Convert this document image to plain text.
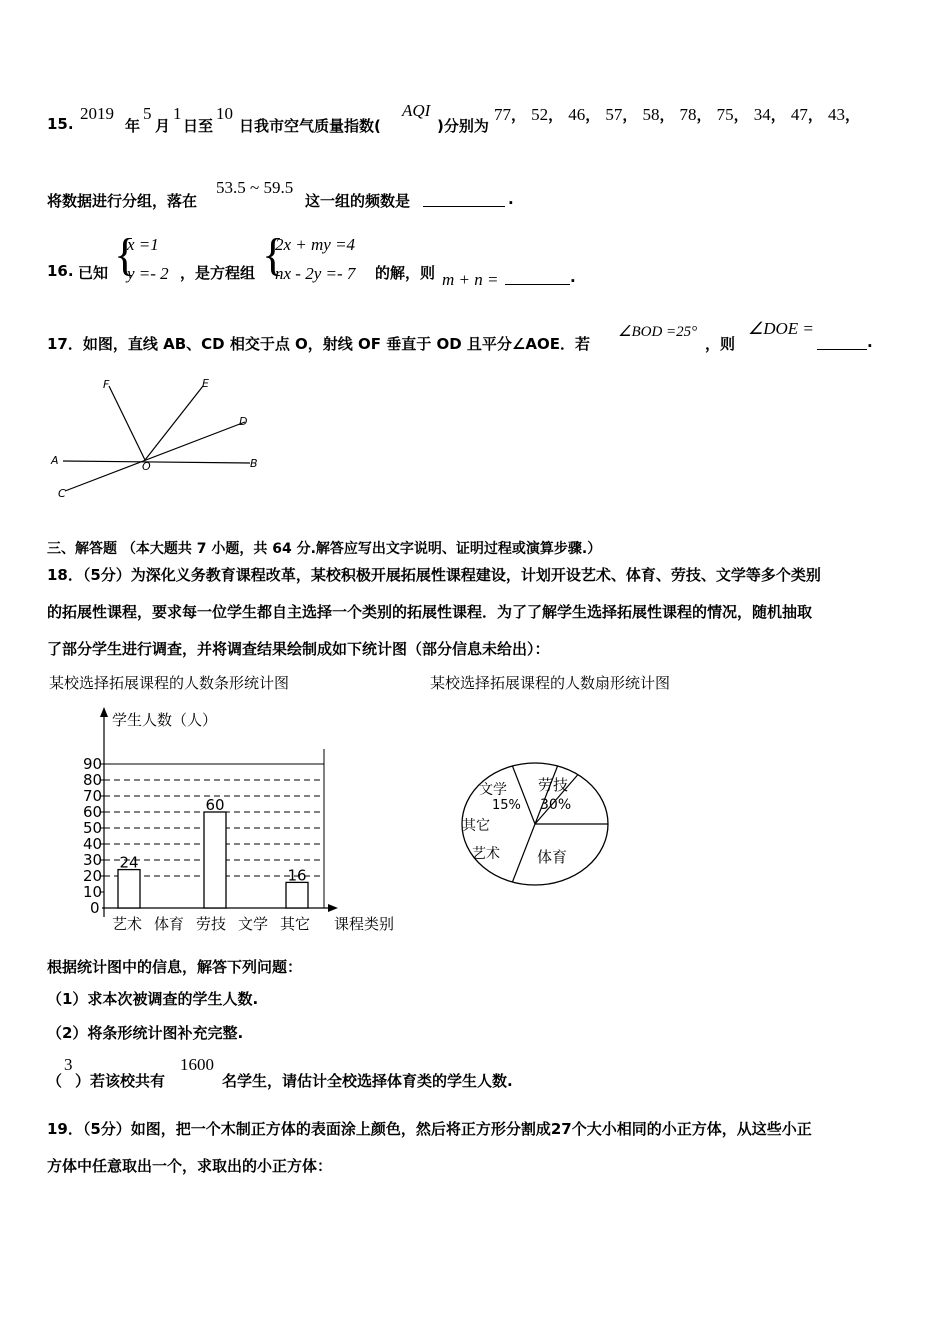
15.
2019
年
5
月
1
日至
10
日我市空气质量指数(
AQI
)分别为
77， 52， 46， 57， 58， 78， 75， 34， 47， 43，
将数据进行分组，落在
53.5 ~ 59.5
这一组的频数是	.
16. 已知 {
x =1
y =- 2 ，是方程组 {
2x + my =4
nx - 2y =- 7 的解，则 m + n =	.
17．如图，直线 AB、CD 相交于点 O，射线 OF 垂直于 OD 且平分∠AOE．若
∠BOD =25°
，则
∠DOE =
.
F	E
D
A	O	B
C
三、解答题 （本大题共 7 小题，共 64 分.解答应写出文字说明、证明过程或演算步骤.）
18．（5分）为深化义务教育课程改革，某校积极开展拓展性课程建设，计划开设艺术、体育、劳技、文学等多个类别
的拓展性课程，要求每一位学生都自主选择一个类别的拓展性课程．为了了解学生选择拓展性课程的情况，随机抽取
了部分学生进行调查，并将调查结果绘制成如下统计图（部分信息未给出）：
某校选择拓展课程的人数条形统计图	某校选择拓展课程的人数扇形统计图
学生人数（人）
课程类别
0
10
20
30
40
50
60
70
80
90
24
60
16
艺术 体育 劳技 文学 其它
文学
15%
劳技
30%
其它
艺术 体育
根据统计图中的信息，解答下列问题：
（1）求本次被调查的学生人数.
（2）将条形统计图补充完整.
（
3
）若该校共有
1600
名学生，请估计全校选择体育类的学生人数.
19．（5分）如图，把一个木制正方体的表面涂上颜色，然后将正方形分割成27个大小相同的小正方体，从这些小正
方体中任意取出一个，求取出的小正方体：
